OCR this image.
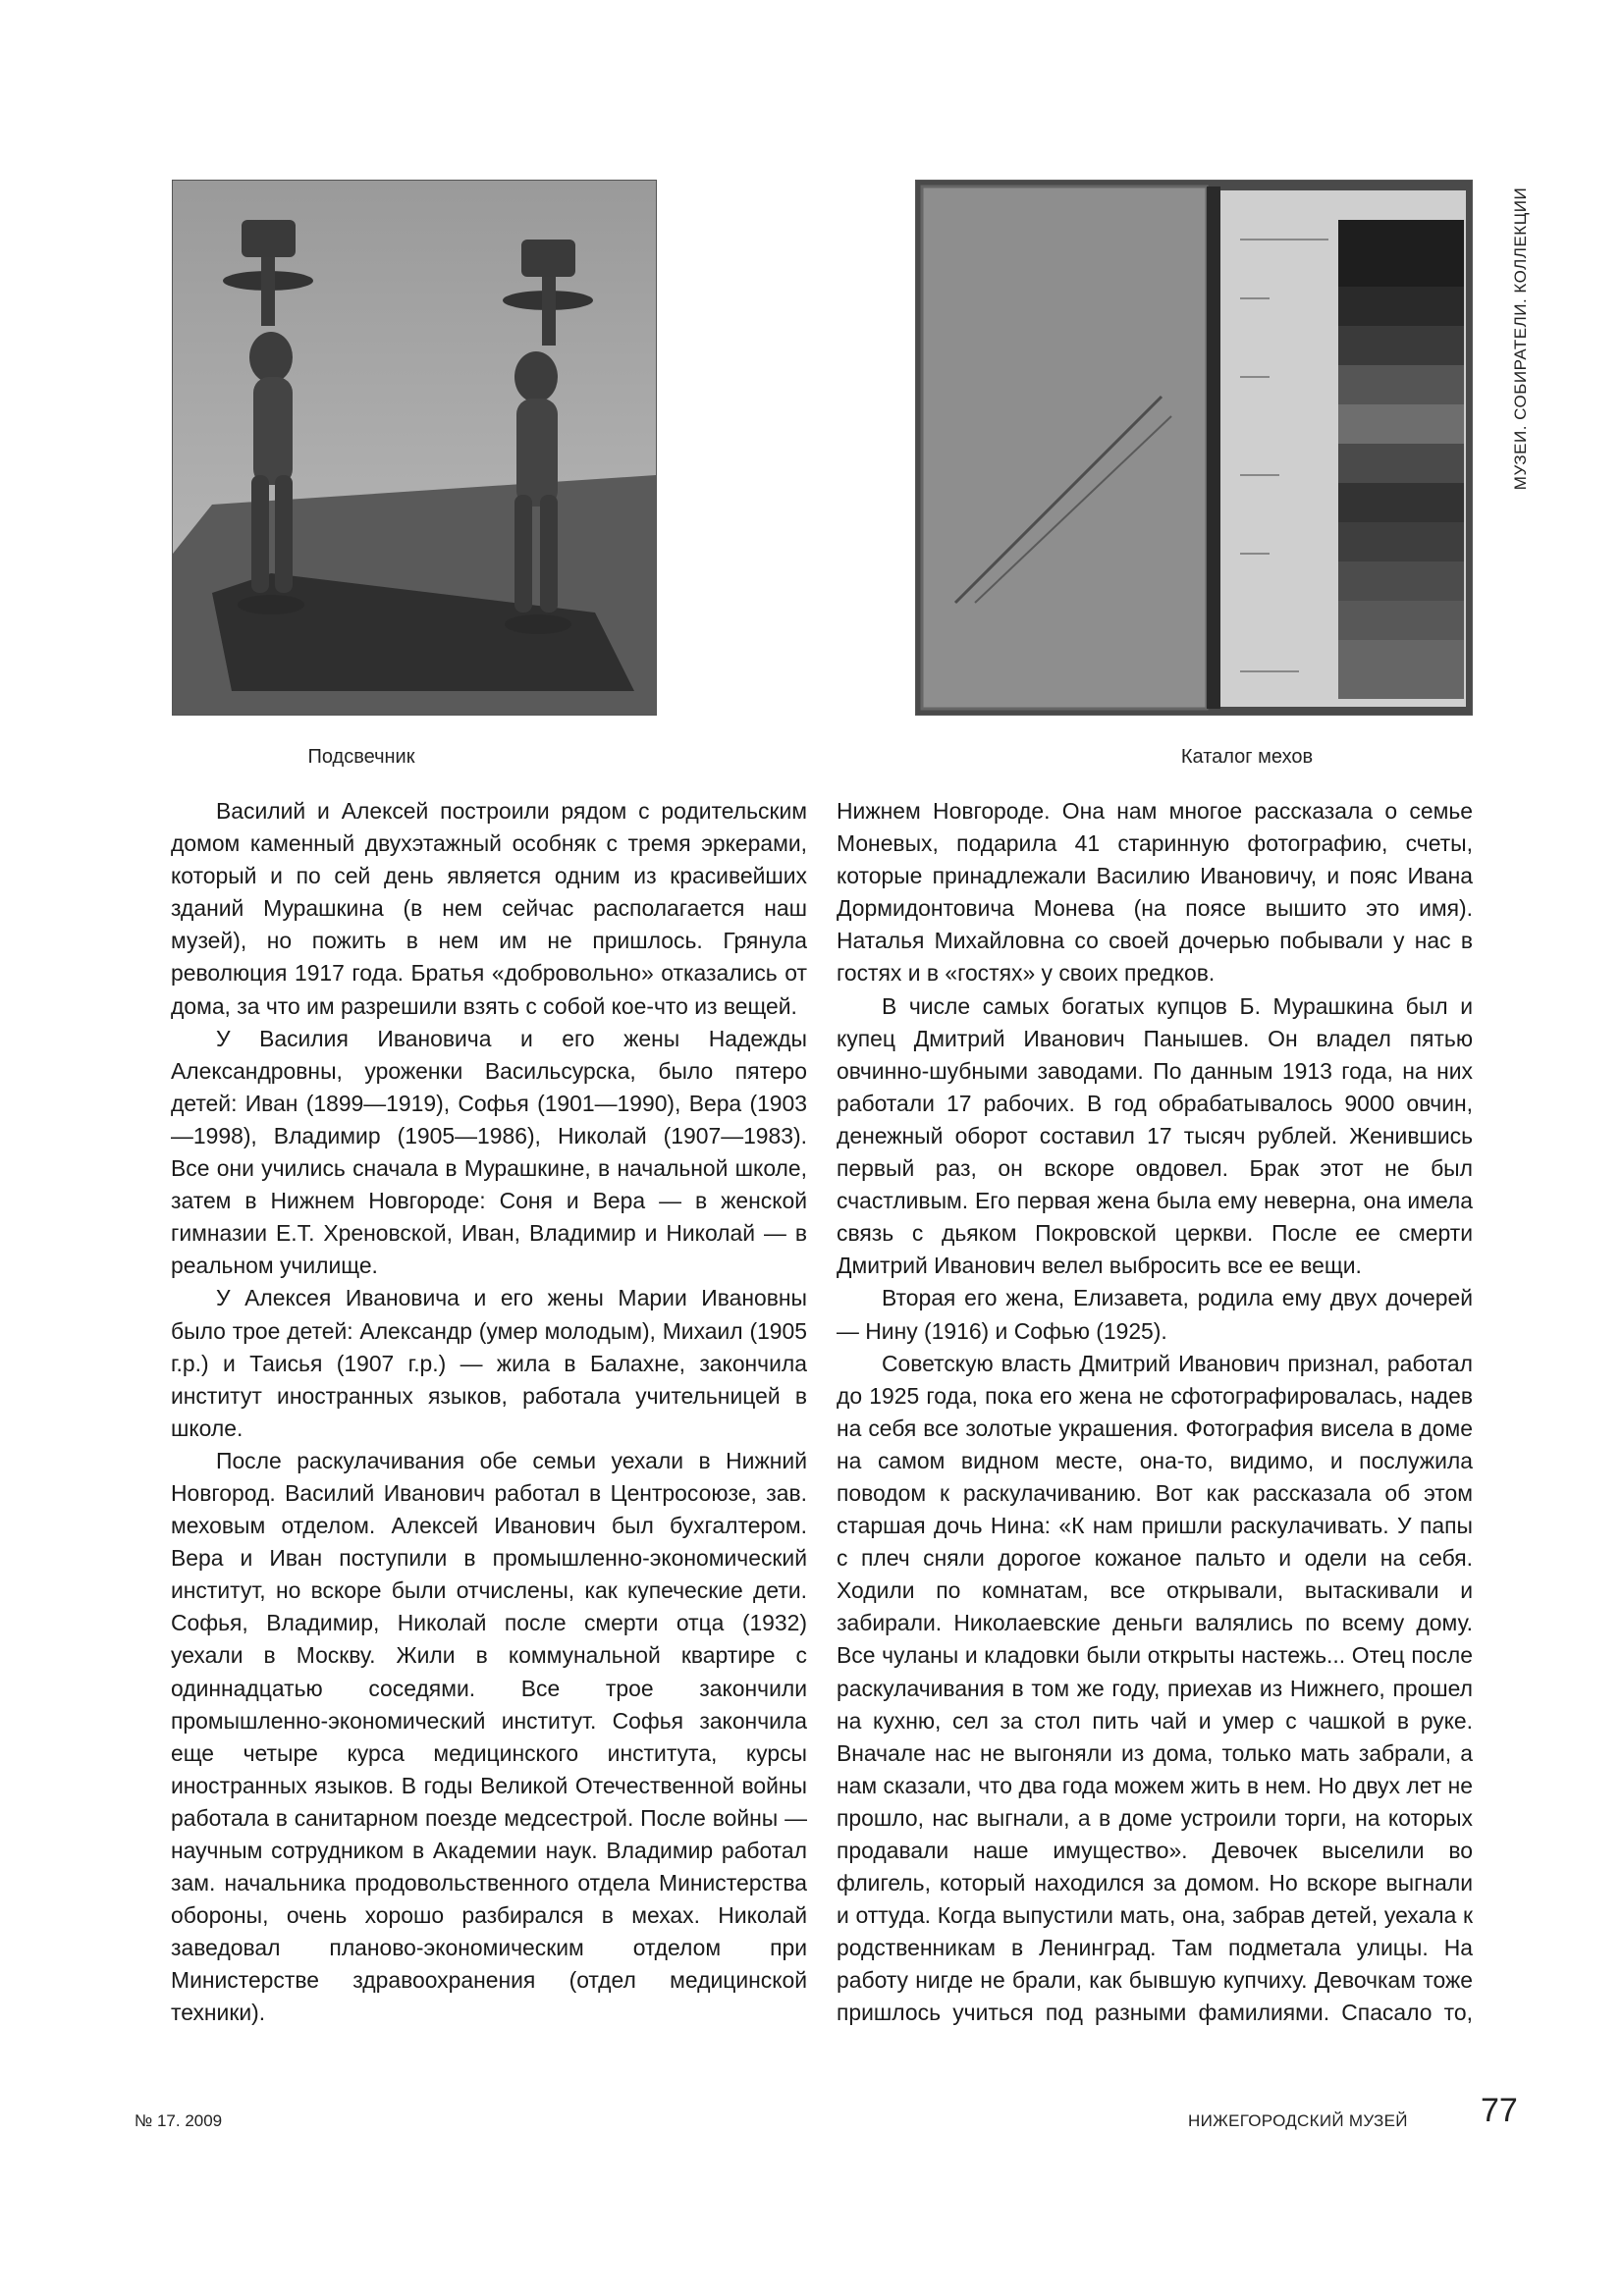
МУЗЕИ. СОБИРАТЕЛИ. КОЛЛЕКЦИИ
Подсвечник	Каталог мехов

Василий и Алексей построили рядом с родительским домом каменный двухэтажный особняк с тремя эркерами, который и по сей день является одним из красивейших зданий Мурашкина (в нем сейчас располагается наш музей), но пожить в нем им не пришлось. Грянула революция 1917 года. Братья «добровольно» отказались от дома, за что им разрешили взять с собой кое-что из вещей.

У Василия Ивановича и его жены Надежды Александровны, уроженки Васильсурска, было пятеро детей: Иван (1899—1919), Софья (1901—1990), Вера (1903—1998), Владимир (1905—1986), Николай (1907—1983). Все они учились сначала в Мурашкине, в начальной школе, затем в Нижнем Новгороде: Соня и Вера — в женской гимназии Е.Т. Хреновской, Иван, Владимир и Николай — в реальном училище.

У Алексея Ивановича и его жены Марии Ивановны было трое детей: Александр (умер молодым), Михаил (1905 г.р.) и Таисья (1907 г.р.) — жила в Балахне, закончила институт иностранных языков, работала учительницей в школе.

После раскулачивания обе семьи уехали в Нижний Новгород. Василий Иванович работал в Центросоюзе, зав. меховым отделом. Алексей Иванович был бухгалтером. Вера и Иван поступили в промышленно-экономический институт, но вскоре были отчислены, как купеческие дети. Софья, Владимир, Николай после смерти отца (1932) уехали в Москву. Жили в коммунальной квартире с одиннадцатью соседями. Все трое закончили промышленно-экономический институт. Софья закончила еще четыре курса медицинского института, курсы иностранных языков. В годы Великой Отечественной войны работала в санитарном поезде медсестрой. После войны — научным сотрудником в Академии наук. Владимир работал зам. начальника продовольственного отдела Министерства обороны, очень хорошо разбирался в мехах. Николай заведовал планово-экономическим отделом при Министерстве здравоохранения (отдел медицинской техники).

Нижнем Новгороде. Она нам многое рассказала о семье Моневых, подарила 41 старинную фотографию, счеты, которые принадлежали Василию Ивановичу, и пояс Ивана Дормидонтовича Монева (на поясе вышито это имя). Наталья Михайловна со своей дочерью побывали у нас в гостях и в «гостях» у своих предков.

В числе самых богатых купцов Б. Мурашкина был и купец Дмитрий Иванович Панышев. Он владел пятью овчинно-шубными заводами. По данным 1913 года, на них работали 17 рабочих. В год обрабатывалось 9000 овчин, денежный оборот составил 17 тысяч рублей. Женившись первый раз, он вскоре овдовел. Брак этот не был счастливым. Его первая жена была ему неверна, она имела связь с дьяком Покровской церкви. После ее смерти Дмитрий Иванович велел выбросить все ее вещи.

Вторая его жена, Елизавета, родила ему двух дочерей — Нину (1916) и Софью (1925).

Советскую власть Дмитрий Иванович признал, работал до 1925 года, пока его жена не сфотографировалась, надев на себя все золотые украшения. Фотография висела в доме на самом видном месте, она-то, видимо, и послужила поводом к раскулачиванию. Вот как рассказала об этом старшая дочь Нина: «К нам пришли раскулачивать. У папы с плеч сняли дорогое кожаное пальто и одели на себя. Ходили по комнатам, все открывали, вытаскивали и забирали. Николаевские деньги валялись по всему дому. Все чуланы и кладовки были открыты настежь... Отец после раскулачивания в том же году, приехав из Нижнего, прошел на кухню, сел за стол пить чай и умер с чашкой в руке. Вначале нас не выгоняли из дома, только мать забрали, а нам сказали, что два года можем жить в нем. Но двух лет не прошло, нас выгнали, а в доме устроили торги, на которых продавали наше имущество». Девочек выселили во флигель, который находился за домом. Но вскоре выгнали и оттуда. Когда выпустили мать, она, забрав детей, уехала к родственникам в Ленинград. Там подметала улицы. На работу нигде не брали, как бывшую купчиху. Девочкам тоже пришлось учиться под разными фамилиями. Спасало то,

№ 17. 2009	НИЖЕГОРОДСКИЙ МУЗЕЙ 77
